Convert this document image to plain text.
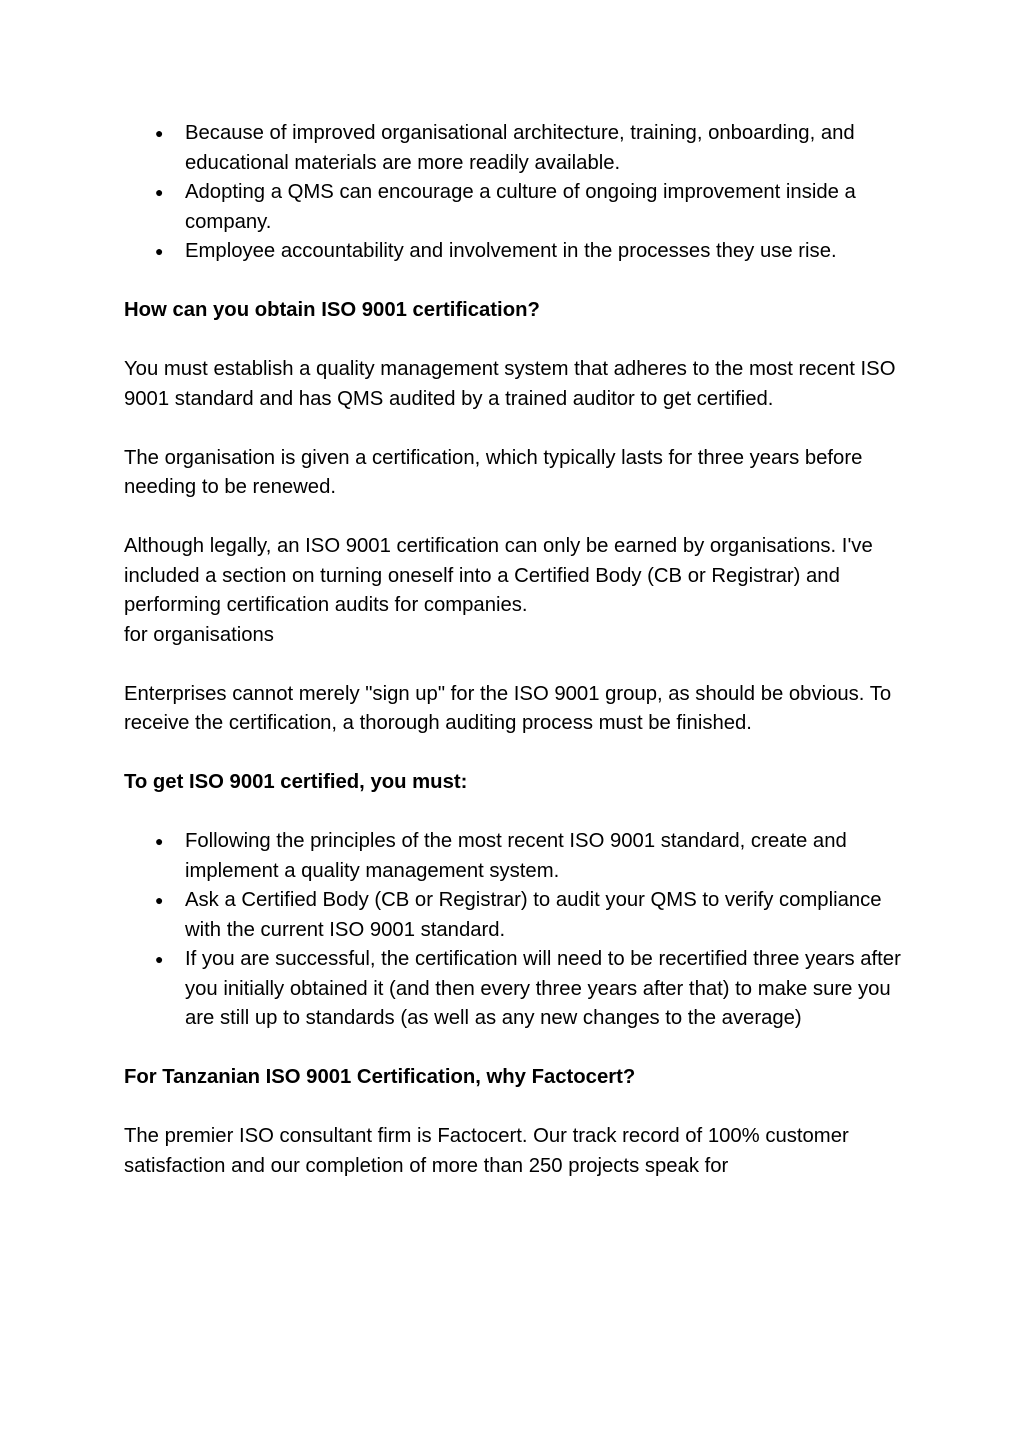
● Because of improved organisational architecture, training, onboarding, and educational materials are more readily available.
● Adopting a QMS can encourage a culture of ongoing improvement inside a company.
● Employee accountability and involvement in the processes they use rise.
How can you obtain ISO 9001 certification?

You must establish a quality management system that adheres to the most recent ISO 9001 standard and has QMS audited by a trained auditor to get certified.

The organisation is given a certification, which typically lasts for three years before needing to be renewed.

Although legally, an ISO 9001 certification can only be earned by organisations. I've included a section on turning oneself into a Certified Body (CB or Registrar) and performing certification audits for companies.

for organisations

Enterprises cannot merely "sign up" for the ISO 9001 group, as should be obvious. To receive the certification, a thorough auditing process must be finished.

To get ISO 9001 certified, you must:
● Following the principles of the most recent ISO 9001 standard, create and implement a quality management system.
● Ask a Certified Body (CB or Registrar) to audit your QMS to verify compliance with the current ISO 9001 standard.
● If you are successful, the certification will need to be recertified three years after you initially obtained it (and then every three years after that) to make sure you are still up to standards (as well as any new changes to the average)
For Tanzanian ISO 9001 Certification, why Factocert?

The premier ISO consultant firm is Factocert. Our track record of 100% customer satisfaction and our completion of more than 250 projects speak for
